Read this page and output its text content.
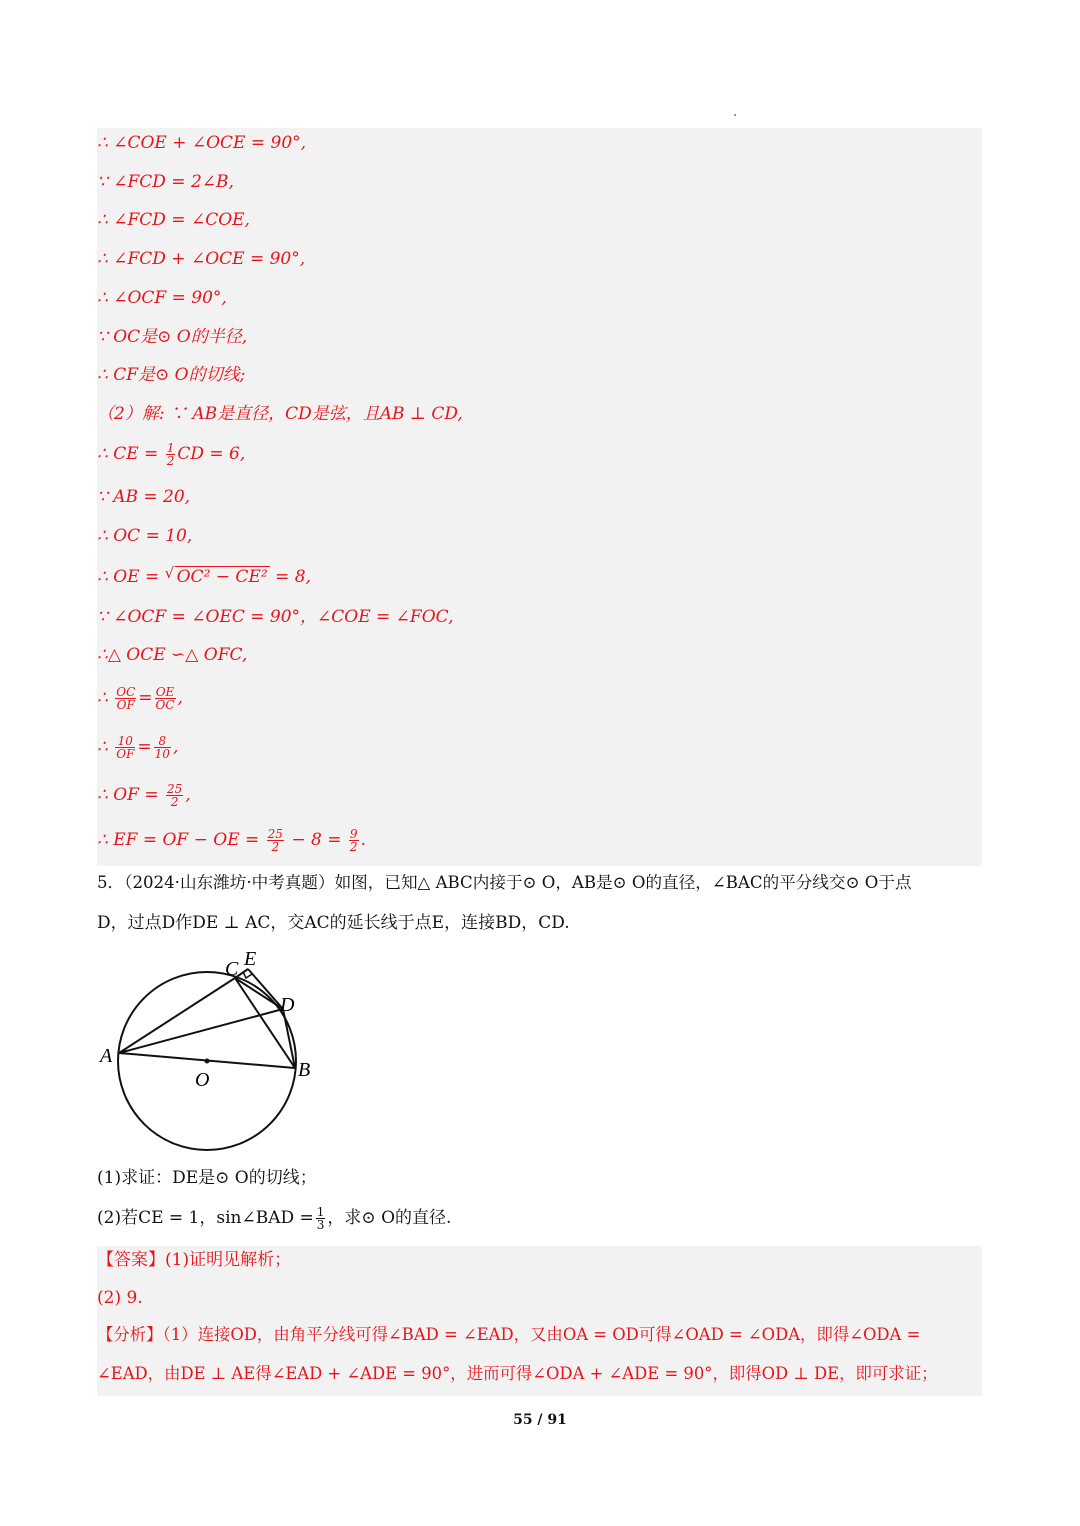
∴ ∠COE + ∠OCE = 90°,
∵ ∠FCD = 2∠B,
∴ ∠FCD = ∠COE,
∴ ∠FCD + ∠OCE = 90°,
∴ ∠OCF = 90°,
∵ OC是⊙ O的半径,
∴ CF是⊙ O的切线;
（2）解: ∵ AB是直径，CD是弦，且AB ⊥ CD,
∴ CE = $\frac{1}{2}$ CD = 6,
∵ AB = 20,
∴ OC = 10,
∴ OE = √ OC² − CE² = 8,
∵ ∠OCF = ∠OEC = 90°，∠COE = ∠FOC,
∴△ OCE ∽△ OFC,
∴ $\frac{OC}{OF} = \frac{OE}{OC}$ ,
∴ $\frac{10}{OF} = \frac{8}{10}$ ,
∴ OF = $\frac{25}{2}$ ,
∴ EF = OF − OE = $\frac{25}{2} - 8 = \frac{9}{2}$ .
5．（2024·山东潍坊·中考真题）如图，已知△ ABC内接于⊙ O，AB是⊙ O的直径，∠BAC的平分线交⊙ O于点
D，过点D作DE ⊥ AC，交AC的延长线于点E，连接BD，CD.
A
B
C
D
E
O
(1)求证：DE是⊙ O的切线；
(2)若CE = 1，sin∠BAD = $\frac{1}{3}$ ，求⊙ O的直径.
【答案】(1)证明见解析；
(2) 9.
【分析】（1）连接OD，由角平分线可得∠BAD = ∠EAD，又由OA = OD可得∠OAD = ∠ODA，即得∠ODA =
∠EAD，由DE ⊥ AE得∠EAD + ∠ADE = 90°，进而可得∠ODA + ∠ADE = 90°，即得OD ⊥ DE，即可求证；
55 / 91
